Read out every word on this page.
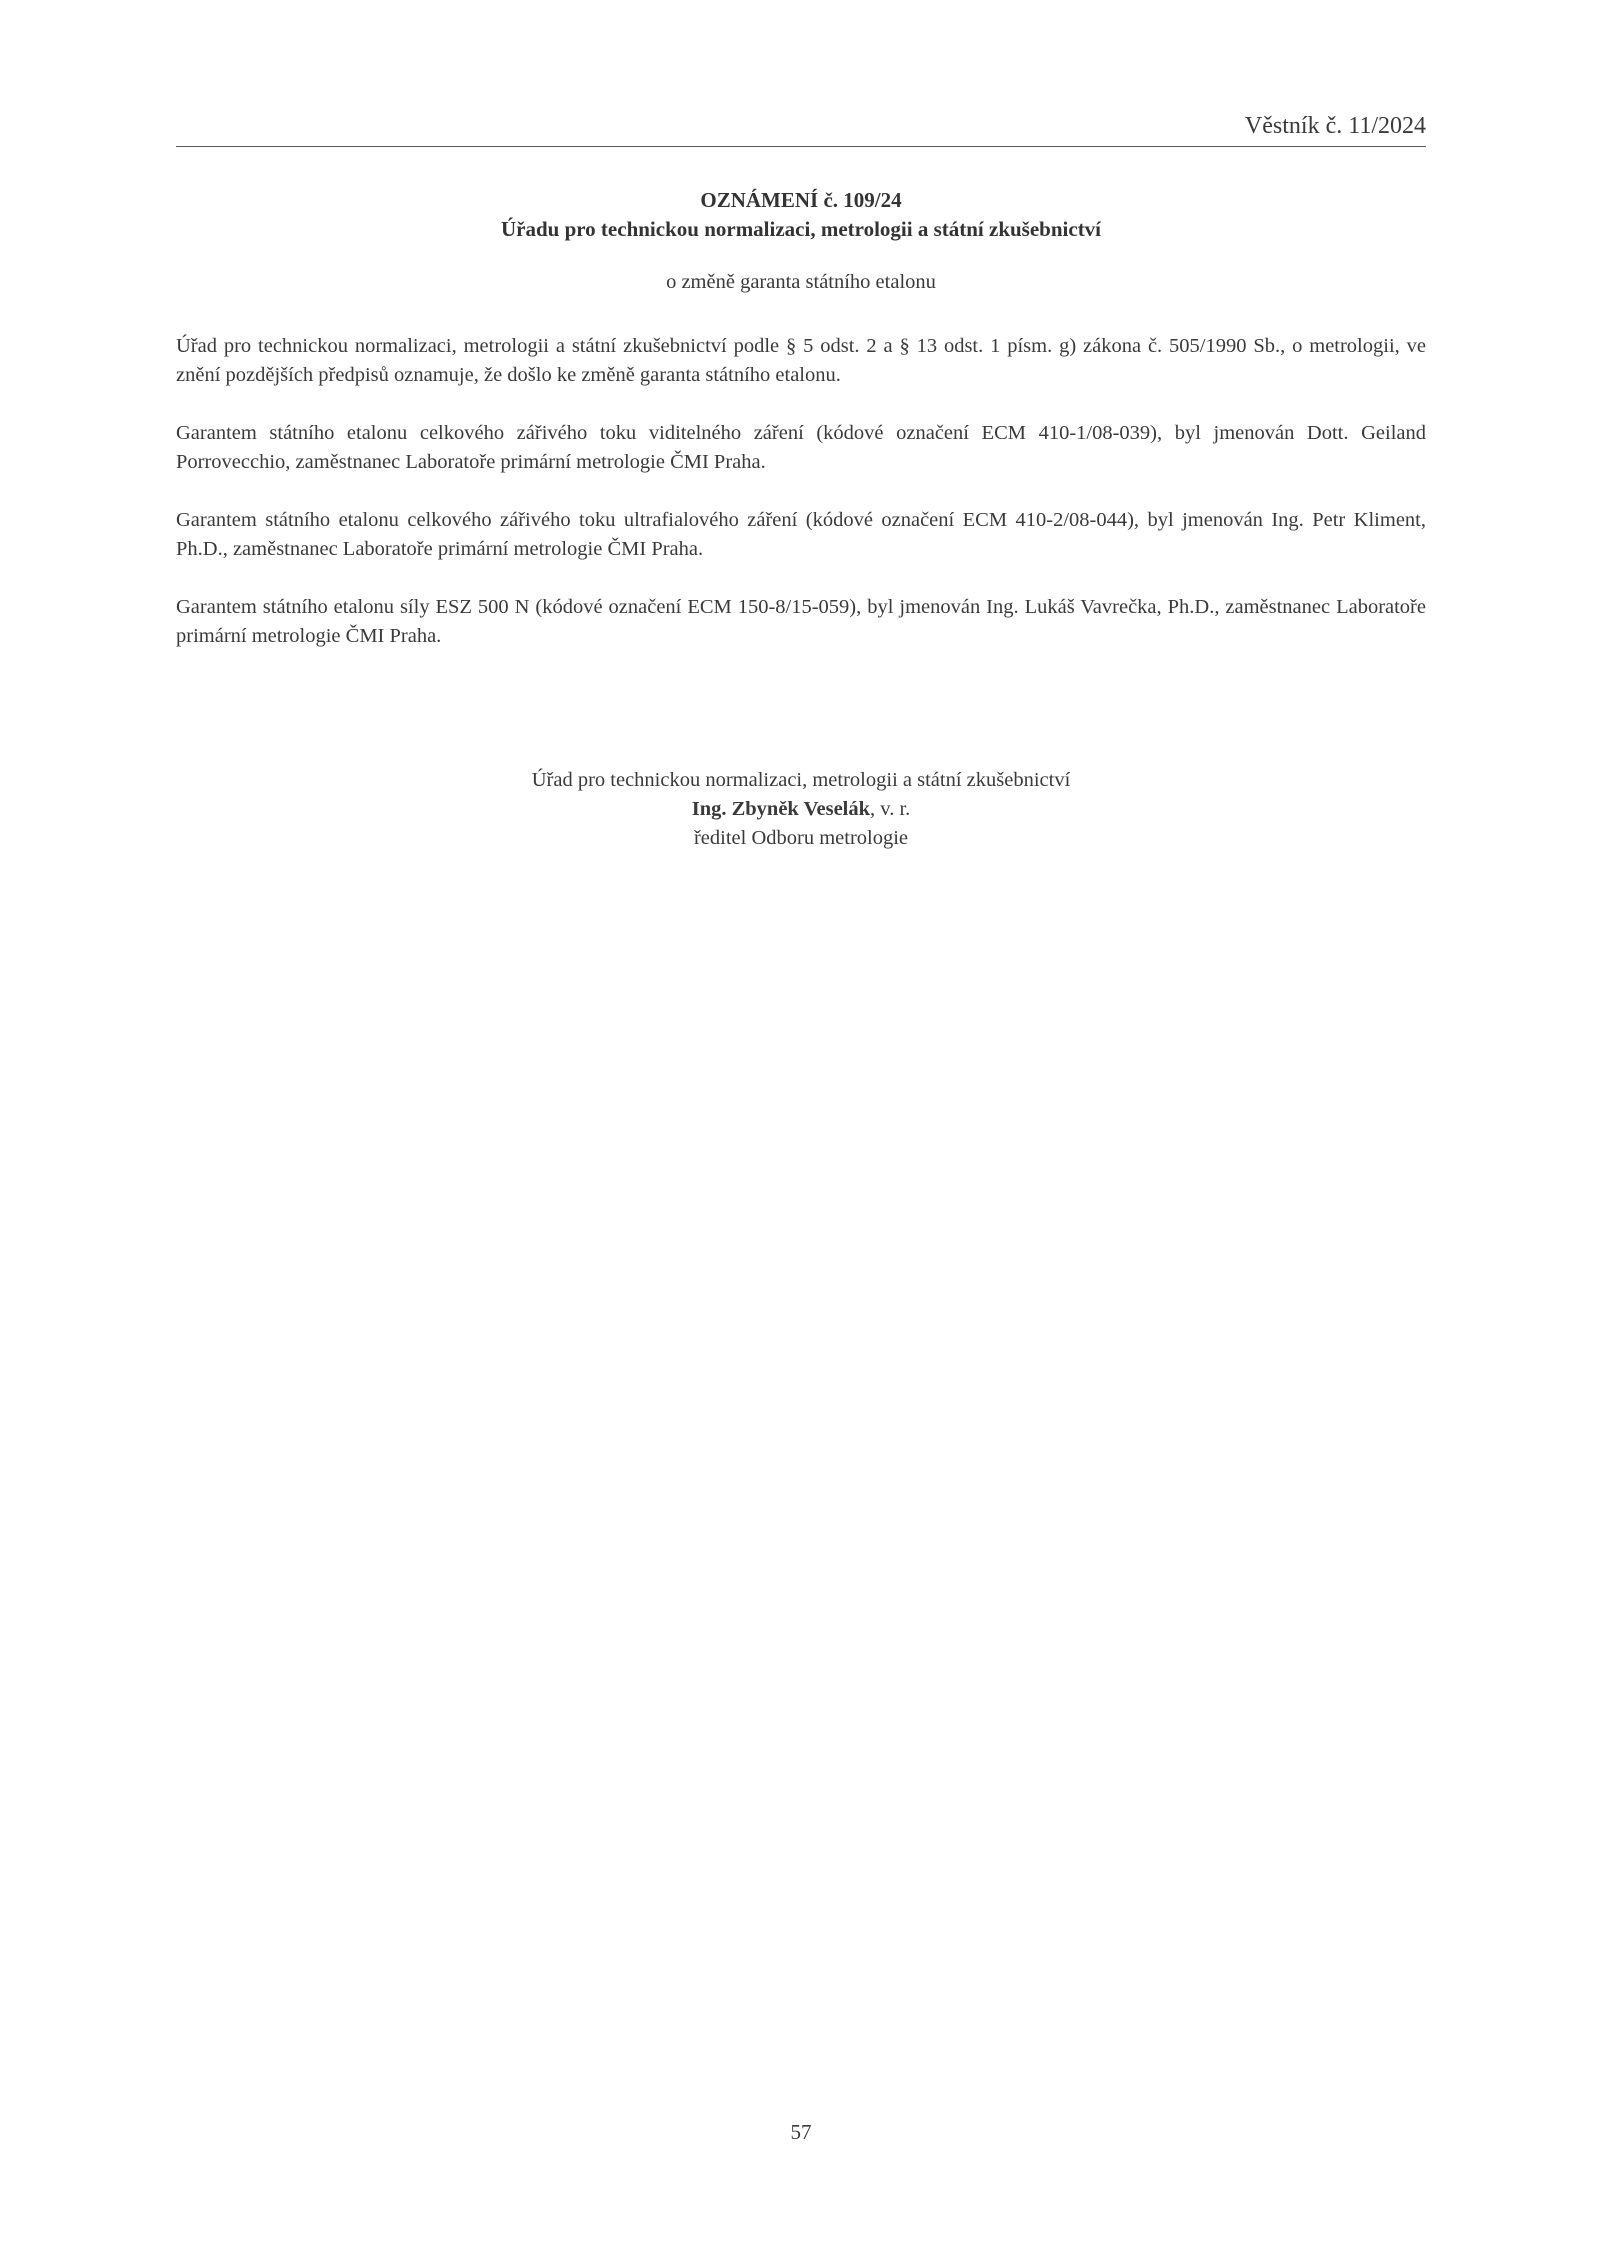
Věstník č. 11/2024
OZNÁMENÍ č. 109/24
Úřadu pro technickou normalizaci, metrologii a státní zkušebnictví
o změně garanta státního etalonu

Úřad pro technickou normalizaci, metrologii a státní zkušebnictví podle § 5 odst. 2 a § 13 odst. 1 písm. g) zákona č. 505/1990 Sb., o metrologii, ve znění pozdějších předpisů oznamuje, že došlo ke změně garanta státního etalonu.

Garantem státního etalonu celkového zářivého toku viditelného záření (kódové označení ECM 410-1/08-039), byl jmenován Dott. Geiland Porrovecchio, zaměstnanec Laboratoře primární metrologie ČMI Praha.

Garantem státního etalonu celkového zářivého toku ultrafialového záření (kódové označení ECM 410-2/08-044), byl jmenován Ing. Petr Kliment, Ph.D., zaměstnanec Laboratoře primární metrologie ČMI Praha.

Garantem státního etalonu síly ESZ 500 N (kódové označení ECM 150-8/15-059), byl jmenován Ing. Lukáš Vavrečka, Ph.D., zaměstnanec Laboratoře primární metrologie ČMI Praha.

Úřad pro technickou normalizaci, metrologii a státní zkušebnictví
Ing. Zbyněk Veselák, v. r.
ředitel Odboru metrologie
57
